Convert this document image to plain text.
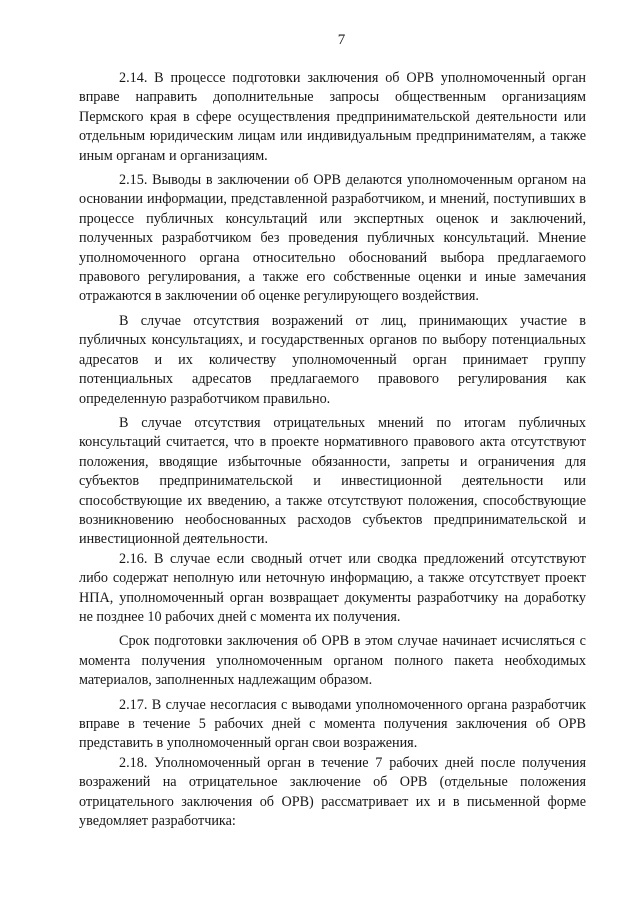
7

2.14. В процессе подготовки заключения об ОРВ уполномоченный орган вправе направить дополнительные запросы общественным организациям Пермского края в сфере осуществления предпринимательской деятельности или отдельным юридическим лицам или индивидуальным предпринимателям, а также иным органам и организациям.

2.15. Выводы в заключении об ОРВ делаются уполномоченным органом на основании информации, представленной разработчиком, и мнений, поступивших в процессе публичных консультаций или экспертных оценок и заключений, полученных разработчиком без проведения публичных консультаций. Мнение уполномоченного органа относительно обоснований выбора предлагаемого правового регулирования, а также его собственные оценки и иные замечания отражаются в заключении об оценке регулирующего воздействия.

В случае отсутствия возражений от лиц, принимающих участие в публичных консультациях, и государственных органов по выбору потенциальных адресатов и их количеству уполномоченный орган принимает группу потенциальных адресатов предлагаемого правового регулирования как определенную разработчиком правильно.

В случае отсутствия отрицательных мнений по итогам публичных консультаций считается, что в проекте нормативного правового акта отсутствуют положения, вводящие избыточные обязанности, запреты и ограничения для субъектов предпринимательской и инвестиционной деятельности или способствующие их введению, а также отсутствуют положения, способствующие возникновению необоснованных расходов субъектов предпринимательской и инвестиционной деятельности.

2.16. В случае если сводный отчет или сводка предложений отсутствуют либо содержат неполную или неточную информацию, а также отсутствует проект НПА, уполномоченный орган возвращает документы разработчику на доработку не позднее 10 рабочих дней с момента их получения.

Срок подготовки заключения об ОРВ в этом случае начинает исчисляться с момента получения уполномоченным органом полного пакета необходимых материалов, заполненных надлежащим образом.

2.17. В случае несогласия с выводами уполномоченного органа разработчик вправе в течение 5 рабочих дней с момента получения заключения об ОРВ представить в уполномоченный орган свои возражения.

2.18. Уполномоченный орган в течение 7 рабочих дней после получения возражений на отрицательное заключение об ОРВ (отдельные положения отрицательного заключения об ОРВ) рассматривает их и в письменной форме уведомляет разработчика:
